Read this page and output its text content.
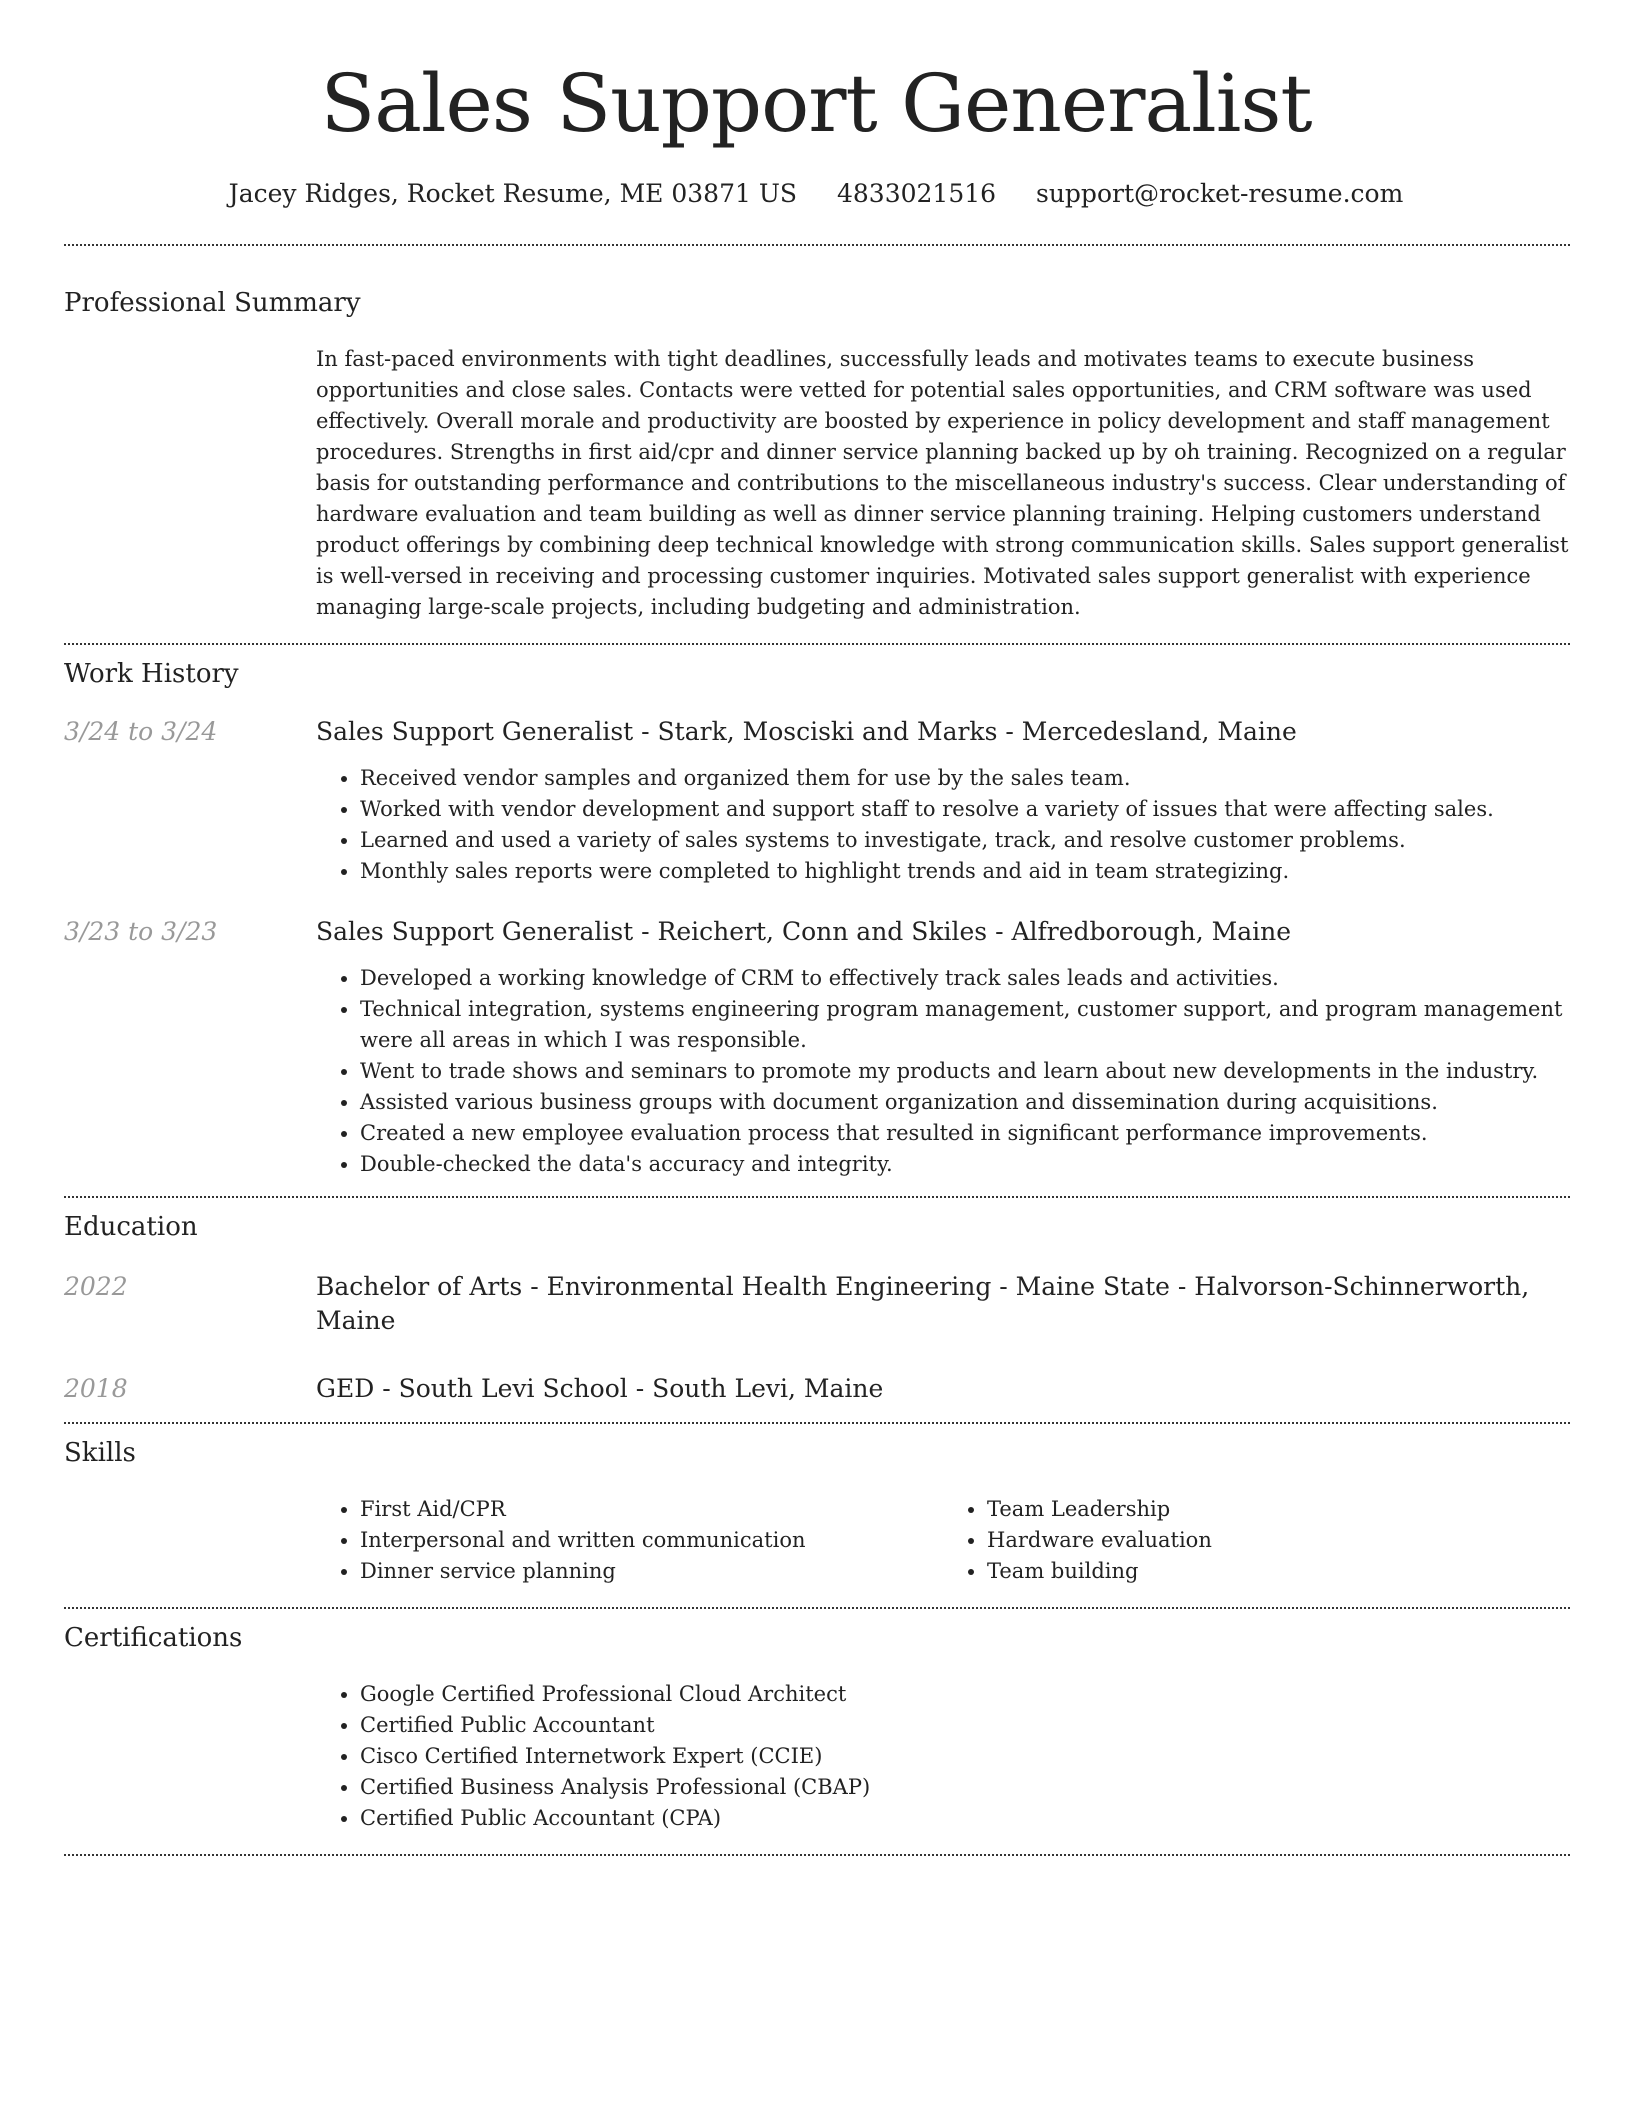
Sales Support Generalist
Jacey Ridges, Rocket Resume, ME 03871 US 4833021516 support@rocket-resume.com
Professional Summary

In fast-paced environments with tight deadlines, successfully leads and motivates teams to execute business opportunities and close sales. Contacts were vetted for potential sales opportunities, and CRM software was used effectively. Overall morale and productivity are boosted by experience in policy development and staff management procedures. Strengths in first aid/cpr and dinner service planning backed up by oh training. Recognized on a regular basis for outstanding performance and contributions to the miscellaneous industry's success. Clear understanding of hardware evaluation and team building as well as dinner service planning training. Helping customers understand product offerings by combining deep technical knowledge with strong communication skills. Sales support generalist is well-versed in receiving and processing customer inquiries. Motivated sales support generalist with experience managing large-scale projects, including budgeting and administration.

Work History
3/24 to 3/24	Sales Support Generalist - Stark, Mosciski and Marks - Mercedesland, Maine

• Received vendor samples and organized them for use by the sales team.
• Worked with vendor development and support staff to resolve a variety of issues that were affecting sales.
• Learned and used a variety of sales systems to investigate, track, and resolve customer problems.
• Monthly sales reports were completed to highlight trends and aid in team strategizing.
3/23 to 3/23	Sales Support Generalist - Reichert, Conn and Skiles - Alfredborough, Maine

• Developed a working knowledge of CRM to effectively track sales leads and activities.
• Technical integration, systems engineering program management, customer support, and program management were all areas in which I was responsible.
• Went to trade shows and seminars to promote my products and learn about new developments in the industry.
• Assisted various business groups with document organization and dissemination during acquisitions.
• Created a new employee evaluation process that resulted in significant performance improvements.
• Double-checked the data's accuracy and integrity.
Education
2022	Bachelor of Arts - Environmental Health Engineering - Maine State - Halvorson-Schinnerworth, Maine

2018	GED - South Levi School - South Levi, Maine

Skills
• First Aid/CPR
• Interpersonal and written communication
• Dinner service planning
• Team Leadership
• Hardware evaluation
• Team building
Certifications
• Google Certified Professional Cloud Architect
• Certified Public Accountant
• Cisco Certified Internetwork Expert (CCIE)
• Certified Business Analysis Professional (CBAP)
• Certified Public Accountant (CPA)
